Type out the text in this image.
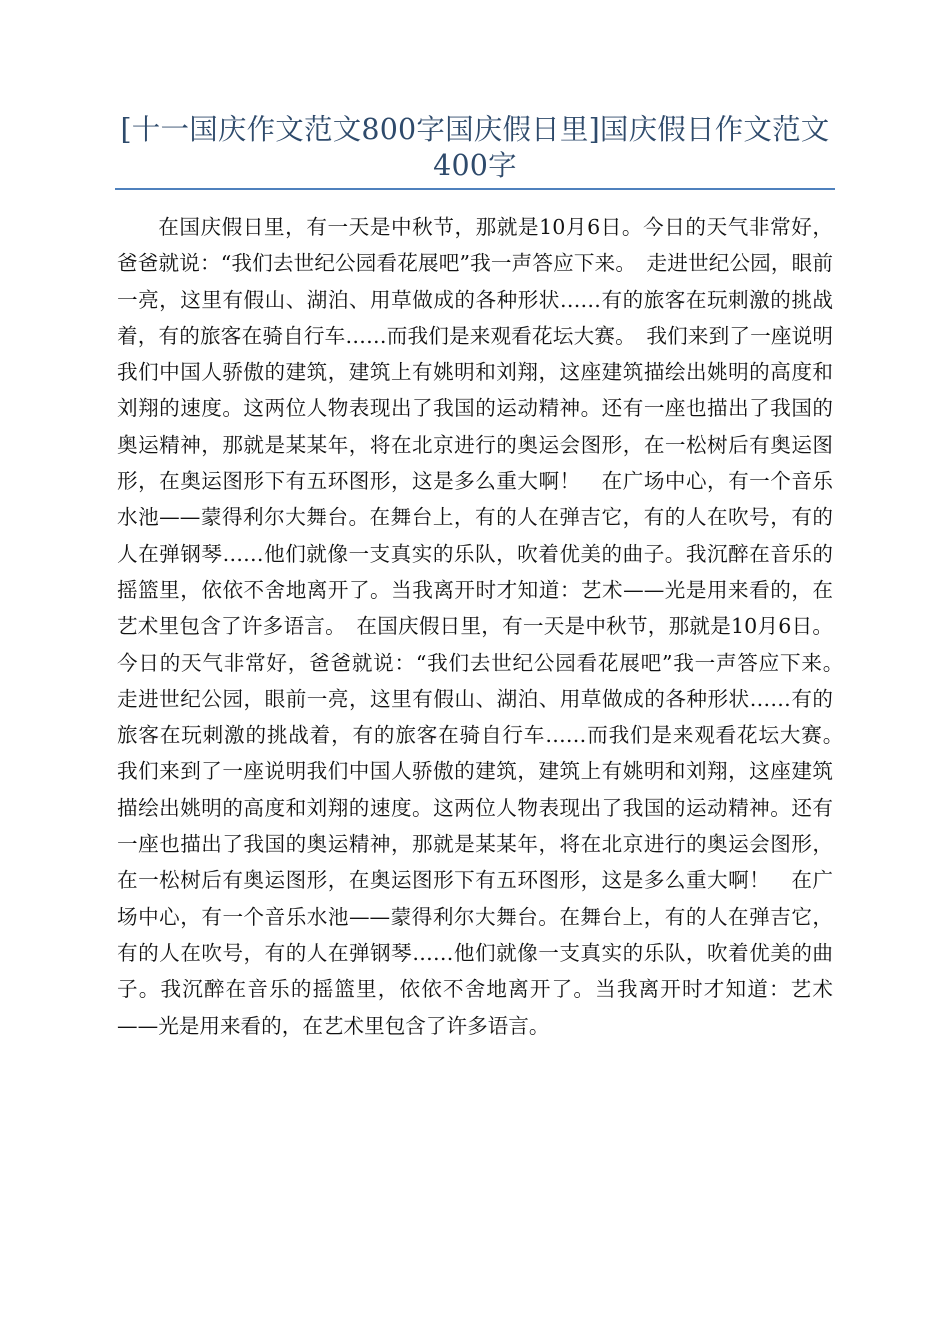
[十一国庆作文范文800字国庆假日里]国庆假日作文范文400字

在国庆假日里，有一天是中秋节，那就是10月6日。今日的天气非常好，爸爸就说：“我们去世纪公园看花展吧”我一声答应下来。　走进世纪公园，眼前一亮，这里有假山、湖泊、用草做成的各种形状……有的旅客在玩刺激的挑战着，有的旅客在骑自行车……而我们是来观看花坛大赛。　我们来到了一座说明我们中国人骄傲的建筑，建筑上有姚明和刘翔，这座建筑描绘出姚明的高度和刘翔的速度。这两位人物表现出了我国的运动精神。还有一座也描出了我国的奥运精神，那就是某某年，将在北京进行的奥运会图形，在一松树后有奥运图形，在奥运图形下有五环图形，这是多么重大啊！　在广场中心，有一个音乐水池——蒙得利尔大舞台。在舞台上，有的人在弹吉它，有的人在吹号，有的人在弹钢琴……他们就像一支真实的乐队，吹着优美的曲子。我沉醉在音乐的摇篮里，依依不舍地离开了。当我离开时才知道：艺术——光是用来看的，在艺术里包含了许多语言。　在国庆假日里，有一天是中秋节，那就是10月6日。今日的天气非常好，爸爸就说：“我们去世纪公园看花展吧”我一声答应下来。　走进世纪公园，眼前一亮，这里有假山、湖泊、用草做成的各种形状……有的旅客在玩刺激的挑战着，有的旅客在骑自行车……而我们是来观看花坛大赛。　我们来到了一座说明我们中国人骄傲的建筑，建筑上有姚明和刘翔，这座建筑描绘出姚明的高度和刘翔的速度。这两位人物表现出了我国的运动精神。还有一座也描出了我国的奥运精神，那就是某某年，将在北京进行的奥运会图形，在一松树后有奥运图形，在奥运图形下有五环图形，这是多么重大啊！　在广场中心，有一个音乐水池——蒙得利尔大舞台。在舞台上，有的人在弹吉它，有的人在吹号，有的人在弹钢琴……他们就像一支真实的乐队，吹着优美的曲子。我沉醉在音乐的摇篮里，依依不舍地离开了。当我离开时才知道：艺术——光是用来看的，在艺术里包含了许多语言。
